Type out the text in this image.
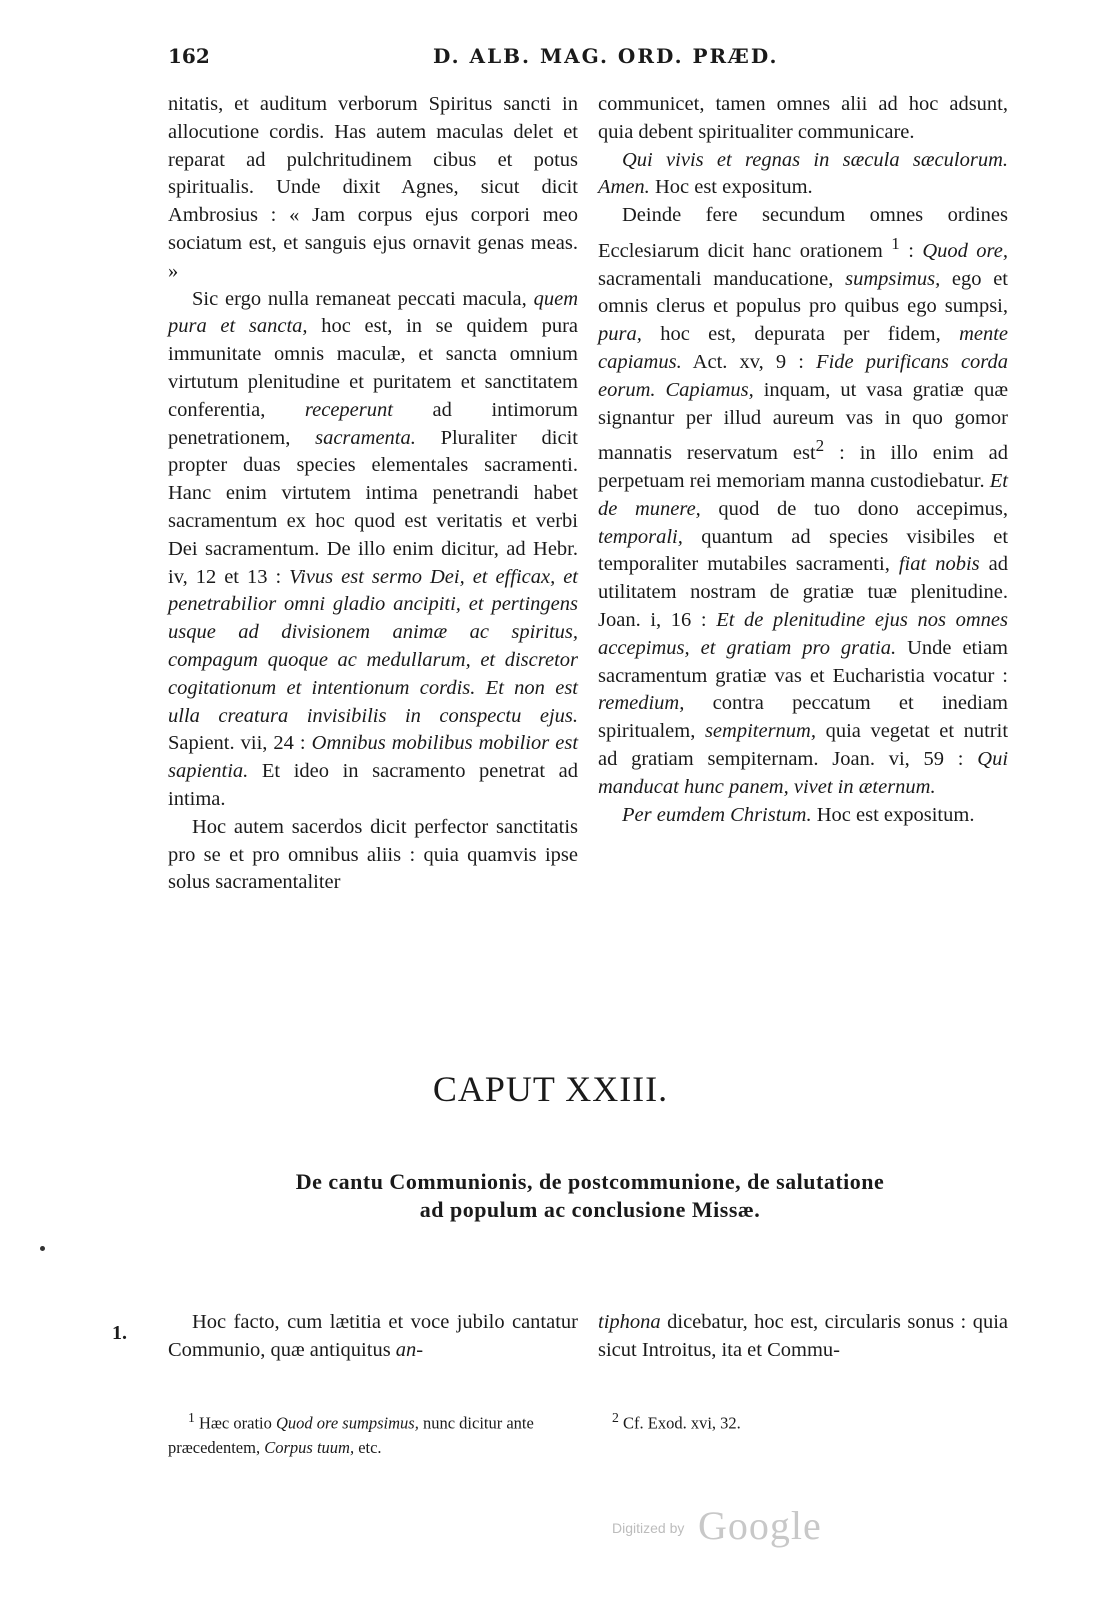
162	D. ALB. MAG. ORD. PRÆD.

nitatis, et auditum verborum Spiritus sancti in allocutione cordis. Has autem maculas delet et reparat ad pulchritudinem cibus et potus spiritualis. Unde dixit Agnes, sicut dicit Ambrosius : « Jam corpus ejus corpori meo sociatum est, et sanguis ejus ornavit genas meas. »

Sic ergo nulla remaneat peccati macula, quem pura et sancta, hoc est, in se quidem pura immunitate omnis maculæ, et sancta omnium virtutum plenitudine et puritatem et sanctitatem conferentia, receperunt ad intimorum penetrationem, sacramenta. Pluraliter dicit propter duas species elementales sacramenti. Hanc enim virtutem intima penetrandi habet sacramentum ex hoc quod est veritatis et verbi Dei sacramentum. De illo enim dicitur, ad Hebr. iv, 12 et 13 : Vivus est sermo Dei, et efficax, et penetrabilior omni gladio ancipiti, et pertingens usque ad divisionem animæ ac spiritus, compagum quoque ac medullarum, et discretor cogitationum et intentionum cordis. Et non est ulla creatura invisibilis in conspectu ejus. Sapient. vii, 24 : Omnibus mobilibus mobilior est sapientia. Et ideo in sacramento penetrat ad intima.

Hoc autem sacerdos dicit perfector sanctitatis pro se et pro omnibus aliis : quia quamvis ipse solus sacramentaliter

communicet, tamen omnes alii ad hoc adsunt, quia debent spiritualiter communicare.

Qui vivis et regnas in sæcula sæculorum. Amen. Hoc est expositum.

Deinde fere secundum omnes ordines Ecclesiarum dicit hanc orationem $^1$ : Quod ore, sacramentali manducatione, sumpsimus, ego et omnis clerus et populus pro quibus ego sumpsi, pura, hoc est, depurata per fidem, mente capiamus. Act. xv, 9 : Fide purificans corda eorum. Capiamus, inquam, ut vasa gratiæ quæ signantur per illud aureum vas in quo gomor mannatis reservatum est$^2$ : in illo enim ad perpetuam rei memoriam manna custodiebatur. Et de munere, quod de tuo dono accepimus, temporali, quantum ad species visibiles et temporaliter mutabiles sacramenti, fiat nobis ad utilitatem nostram de gratiæ tuæ plenitudine. Joan. i, 16 : Et de plenitudine ejus nos omnes accepimus, et gratiam pro gratia. Unde etiam sacramentum gratiæ vas et Eucharistia vocatur : remedium, contra peccatum et inediam spiritualem, sempiternum, quia vegetat et nutrit ad gratiam sempiternam. Joan. vi, 59 : Qui manducat hunc panem, vivet in æternum.

Per eumdem Christum. Hoc est expositum.

CAPUT XXIII.
De cantu Communionis, de postcommunione, de salutatione
ad populum ac conclusione Missæ.
1.	Hoc facto, cum lætitia et voce jubilo cantatur Communio, quæ antiquitus an-

tiphona dicebatur, hoc est, circularis sonus : quia sicut Introitus, ita et Commu-

$^1$ Hæc oratio Quod ore sumpsimus, nunc dicitur ante præcedentem, Corpus tuum, etc.
$^2$ Cf. Exod. xvi, 32.
Digitized by Google
